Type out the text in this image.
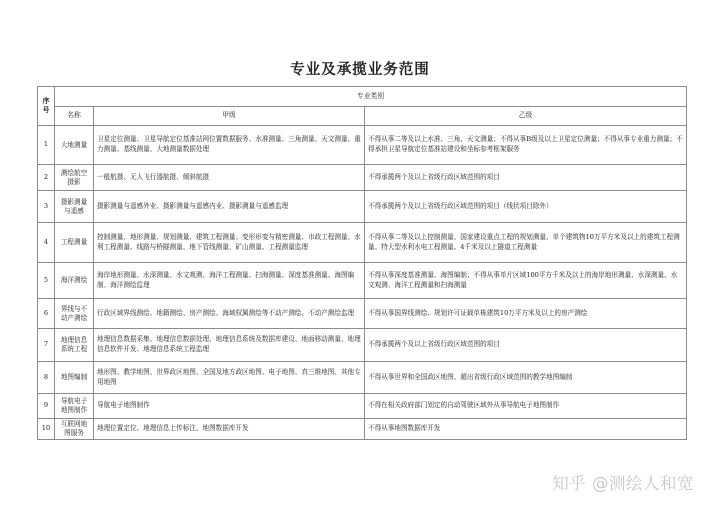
专业及承揽业务范围
序号	专业类别		
	名称	甲级	乙级
1	大地测量	卫星定位测量、卫星导航定位基准站网位置数据服务、水准测量、三角测量、天文测量、重力测量、基线测量、大地测量数据处理	不得从事二等及以上水准、三角、天文测量；不得从事B级及以上卫星定位测量；不得从事专业重力测量；不得承担卫星导航定位基准站建设和坐标参考框架服务
2	测绘航空摄影	一般航摄、无人飞行器航摄、倾斜航摄	不得承揽两个及以上省级行政区域范围的项目
3	摄影测量与遥感	摄影测量与遥感外业、摄影测量与遥感内业、摄影测量与遥感监理	不得承揽两个及以上省级行政区域范围的项目（线状项目除外）
4	工程测量	控制测量、地形测量、规划测量、建筑工程测量、变形形变与精密测量、市政工程测量、水利工程测量、线路与桥隧测量、地下管线测量、矿山测量、工程测量监理	不得从事二等及以上控制测量、国家建设重点工程的规划测量、单个建筑物10万平方米及以上的建筑工程测量、特大型水利水电工程测量、4千米及以上隧道工程测量
5	海洋测绘	海岸地形测量、水深测量、水文观测、海洋工程测量、扫海测量、深度基准测量、海图编制、海洋测绘监理	不得从事深度基准测量、海图编制；不得从事单片区域100平方千米及以上的海岸地形测量、水深测量、水文观测、海洋工程测量和扫海测量
6	界线与不动产测绘	行政区域界线测绘、地籍测绘、房产测绘、海域权属测绘等不动产测绘、不动产测绘监理	不得从事国界线测绘、规划许可证载单栋建筑10万平方米及以上的房产测绘
7	地理信息系统工程	地理信息数据采集、地理信息数据处理、地理信息系统及数据库建设、地面移动测量、地理信息软件开发、地理信息系统工程监理	不得承揽两个及以上省级行政区域范围的项目
8	地图编制	地形图、教学地图、世界政区地图、全国及地方政区地图、电子地图、真三维地图、其他专用地图	不得从事世界和全国政区地图、超出省级行政区域范围的教学地图编制
9	导航电子地图制作	导航电子地图制作	不得在相关政府部门划定的自动驾驶区域外从事导航电子地图制作
10	互联网地图服务	地理位置定位、地理信息上传标注、地图数据库开发	不得从事地图数据库开发
知乎 @测绘人和宽
